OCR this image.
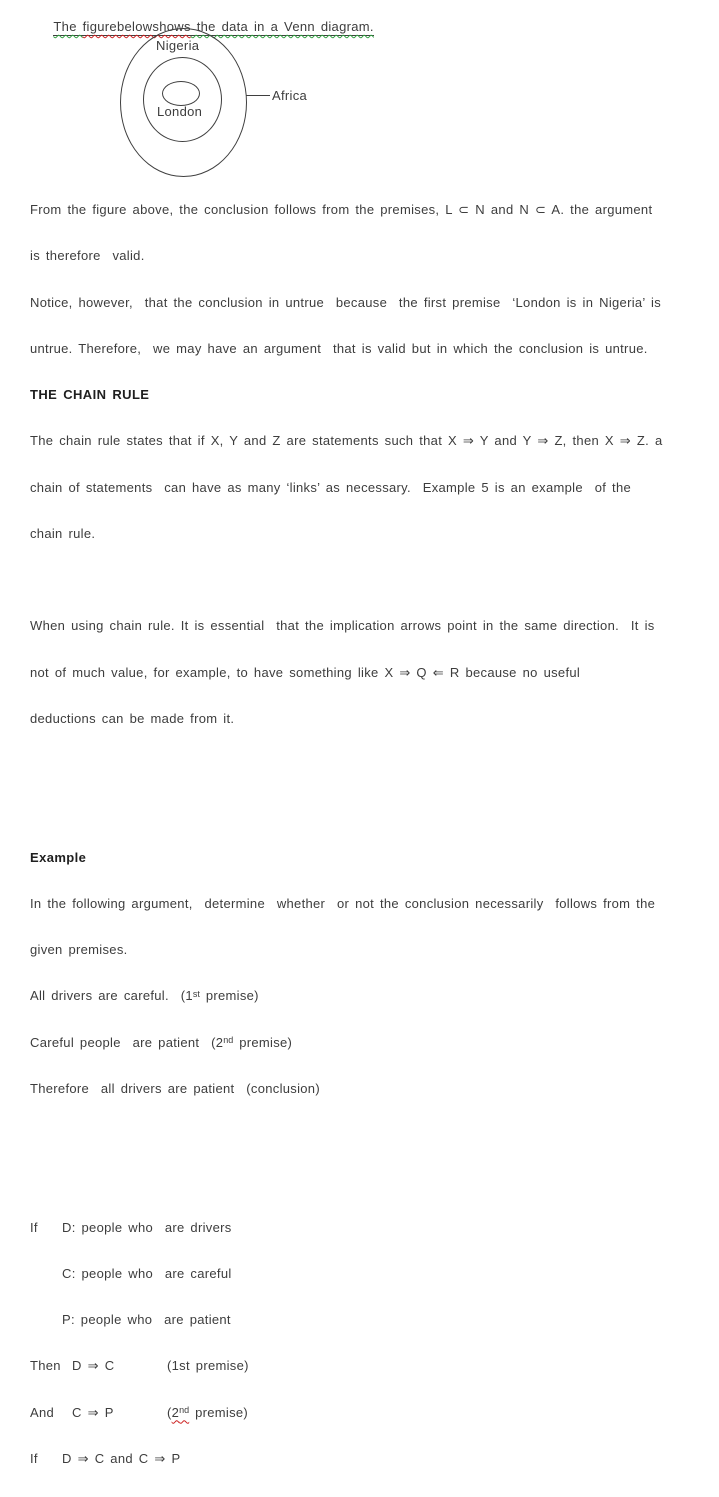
The figurebelowshows the data in a Venn diagram.

Nigeria
London
Africa

From the figure above, the conclusion follows from the premises, L ⊂ N and N ⊂ A. the argument

is therefore  valid.

Notice, however,  that the conclusion in untrue  because  the first premise  ‘London is in Nigeria’ is

untrue. Therefore,  we may have an argument  that is valid but in which the conclusion is untrue.

THE CHAIN RULE

The chain rule states that if X, Y and Z are statements such that X ⇒ Y and Y ⇒ Z, then X ⇒ Z. a

chain of statements  can have as many ‘links’ as necessary.  Example 5 is an example  of the

chain rule.

When using chain rule. It is essential  that the implication arrows point in the same direction.  It is

not of much value, for example, to have something like X ⇒ Q ⇐ R because no useful

deductions can be made from it.

Example

In the following argument,  determine  whether  or not the conclusion necessarily  follows from the

given premises.

All drivers are careful.  (1st premise)

Careful people  are patient  (2nd premise)

Therefore  all drivers are patient  (conclusion)

If	D: people who  are drivers

C: people who  are careful

P: people who  are patient

Then D ⇒ C	(1st premise)

And	C ⇒ P	(2nd premise)

If	D ⇒ C and C ⇒ P
